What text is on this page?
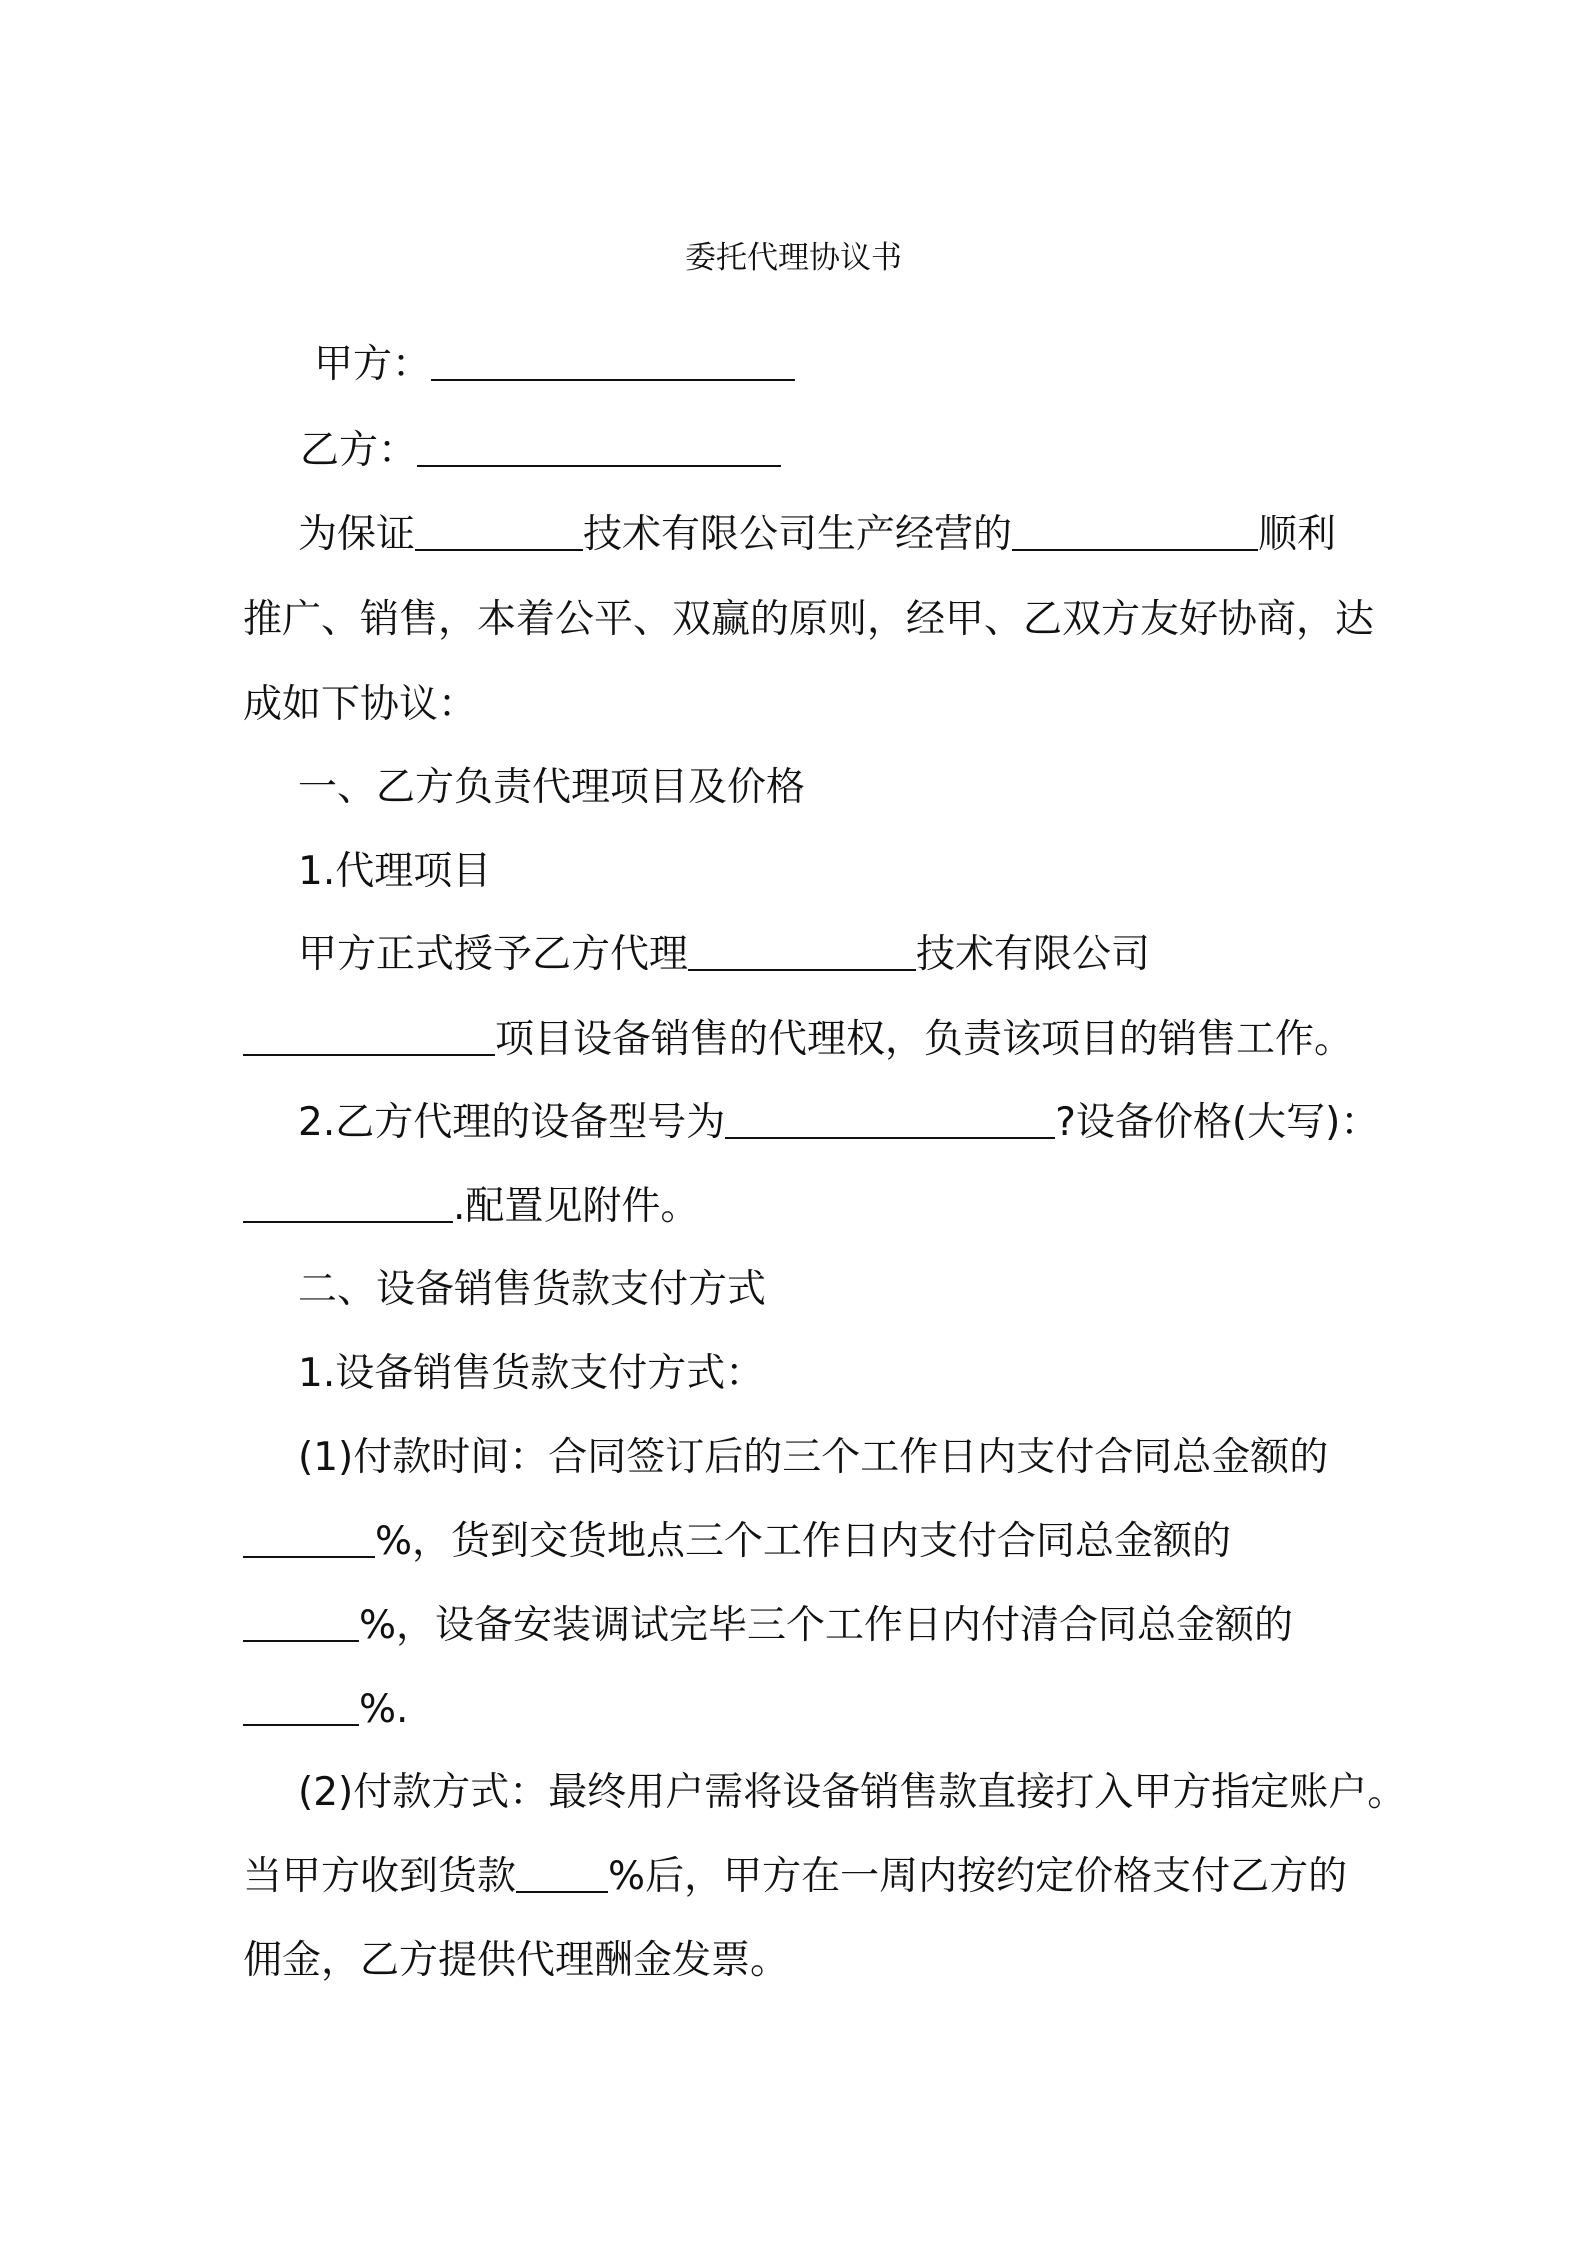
委托代理协议书
甲方：
乙方：
为保证	技术有限公司生产经营的	顺利
推广、销售，本着公平、双赢的原则，经甲、乙双方友好协商，达
成如下协议：
一、乙方负责代理项目及价格
1.代理项目
甲方正式授予乙方代理	技术有限公司
项目设备销售的代理权，负责该项目的销售工作。
2.乙方代理的设备型号为	?设备价格(大写)：
.配置见附件。
二、设备销售货款支付方式
1.设备销售货款支付方式：
(1)付款时间：合同签订后的三个工作日内支付合同总金额的
%，货到交货地点三个工作日内支付合同总金额的
%，设备安装调试完毕三个工作日内付清合同总金额的
%.
(2)付款方式：最终用户需将设备销售款直接打入甲方指定账户。
当甲方收到货款 %后，甲方在一周内按约定价格支付乙方的
佣金，乙方提供代理酬金发票。
